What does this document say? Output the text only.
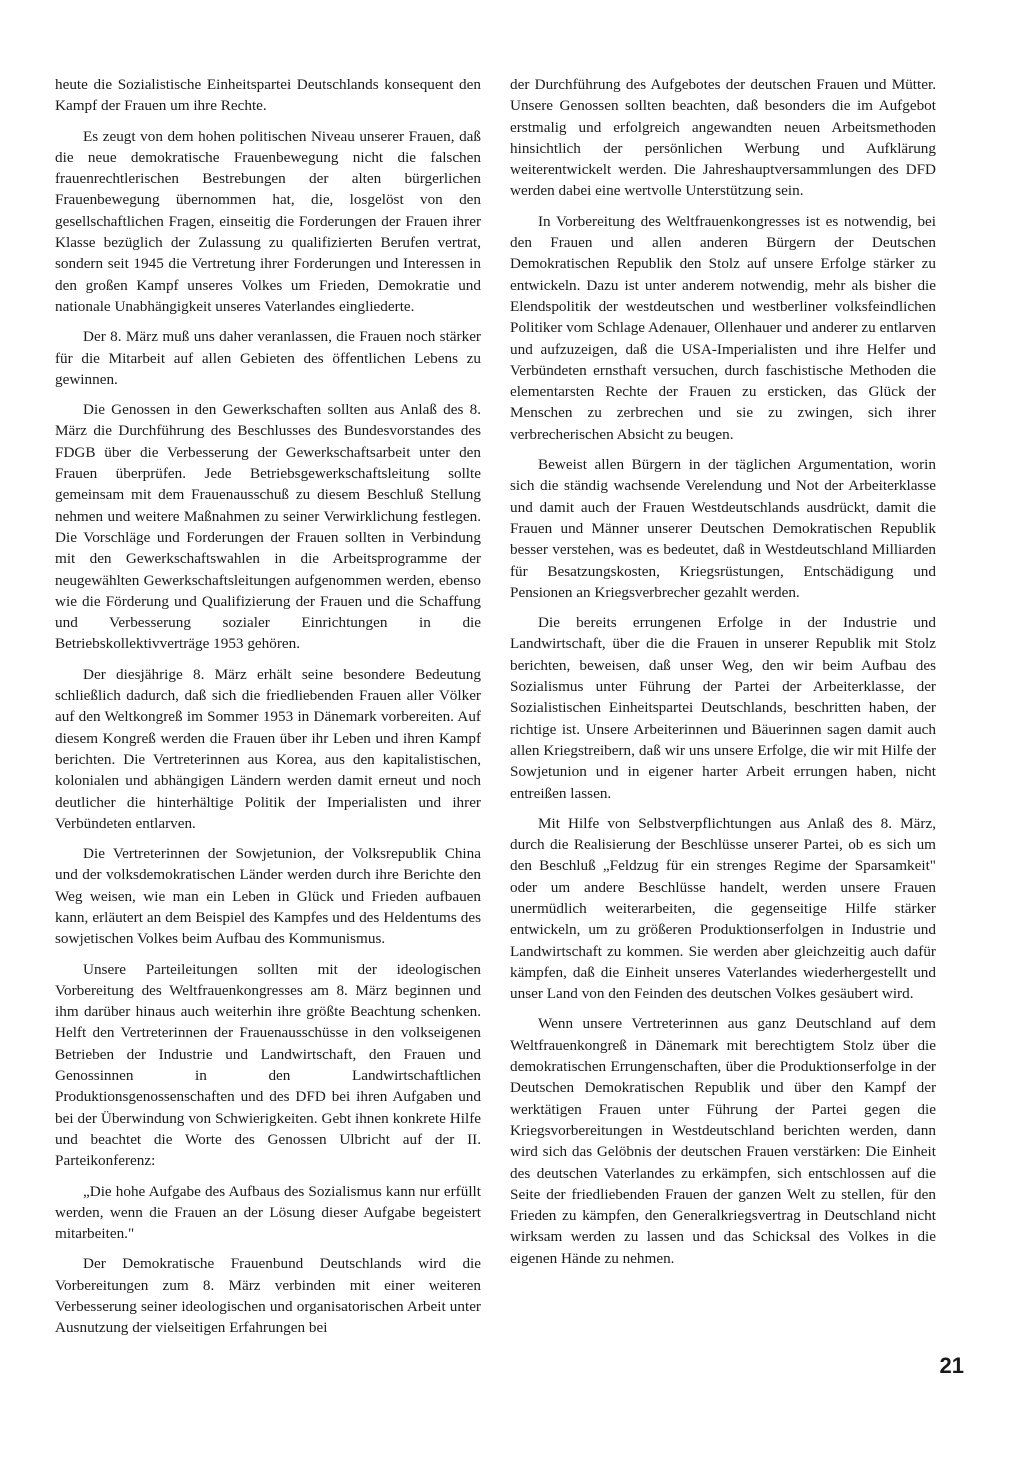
heute die Sozialistische Einheitspartei Deutschlands konsequent den Kampf der Frauen um ihre Rechte.

Es zeugt von dem hohen politischen Niveau unserer Frauen, daß die neue demokratische Frauenbewegung nicht die falschen frauenrechtlerischen Bestrebungen der alten bürgerlichen Frauenbewegung übernommen hat, die, losgelöst von den gesellschaftlichen Fragen, einseitig die Forderungen der Frauen ihrer Klasse bezüglich der Zulassung zu qualifizierten Berufen vertrat, sondern seit 1945 die Vertretung ihrer Forderungen und Interessen in den großen Kampf unseres Volkes um Frieden, Demokratie und nationale Unabhängigkeit unseres Vaterlandes eingliederte.

Der 8. März muß uns daher veranlassen, die Frauen noch stärker für die Mitarbeit auf allen Gebieten des öffentlichen Lebens zu gewinnen.

Die Genossen in den Gewerkschaften sollten aus Anlaß des 8. März die Durchführung des Beschlusses des Bundesvorstandes des FDGB über die Verbesserung der Gewerkschaftsarbeit unter den Frauen überprüfen. Jede Betriebsgewerkschaftsleitung sollte gemeinsam mit dem Frauenausschuß zu diesem Beschluß Stellung nehmen und weitere Maßnahmen zu seiner Verwirklichung festlegen. Die Vorschläge und Forderungen der Frauen sollten in Verbindung mit den Gewerkschaftswahlen in die Arbeitsprogramme der neugewählten Gewerkschaftsleitungen aufgenommen werden, ebenso wie die Förderung und Qualifizierung der Frauen und die Schaffung und Verbesserung sozialer Einrichtungen in die Betriebskollektivverträge 1953 gehören.

Der diesjährige 8. März erhält seine besondere Bedeutung schließlich dadurch, daß sich die friedliebenden Frauen aller Völker auf den Weltkongreß im Sommer 1953 in Dänemark vorbereiten. Auf diesem Kongreß werden die Frauen über ihr Leben und ihren Kampf berichten. Die Vertreterinnen aus Korea, aus den kapitalistischen, kolonialen und abhängigen Ländern werden damit erneut und noch deutlicher die hinterhältige Politik der Imperialisten und ihrer Verbündeten entlarven.

Die Vertreterinnen der Sowjetunion, der Volksrepublik China und der volksdemokratischen Länder werden durch ihre Berichte den Weg weisen, wie man ein Leben in Glück und Frieden aufbauen kann, erläutert an dem Beispiel des Kampfes und des Heldentums des sowjetischen Volkes beim Aufbau des Kommunismus.

Unsere Parteileitungen sollten mit der ideologischen Vorbereitung des Weltfrauenkongresses am 8. März beginnen und ihm darüber hinaus auch weiterhin ihre größte Beachtung schenken. Helft den Vertreterinnen der Frauenausschüsse in den volkseigenen Betrieben der Industrie und Landwirtschaft, den Frauen und Genossinnen in den Landwirtschaftlichen Produktionsgenossenschaften und des DFD bei ihren Aufgaben und bei der Überwindung von Schwierigkeiten. Gebt ihnen konkrete Hilfe und beachtet die Worte des Genossen Ulbricht auf der II. Parteikonferenz:

„Die hohe Aufgabe des Aufbaus des Sozialismus kann nur erfüllt werden, wenn die Frauen an der Lösung dieser Aufgabe begeistert mitarbeiten."

Der Demokratische Frauenbund Deutschlands wird die Vorbereitungen zum 8. März verbinden mit einer weiteren Verbesserung seiner ideologischen und organisatorischen Arbeit unter Ausnutzung der vielseitigen Erfahrungen bei

der Durchführung des Aufgebotes der deutschen Frauen und Mütter. Unsere Genossen sollten beachten, daß besonders die im Aufgebot erstmalig und erfolgreich angewandten neuen Arbeitsmethoden hinsichtlich der persönlichen Werbung und Aufklärung weiterentwickelt werden. Die Jahreshauptversammlungen des DFD werden dabei eine wertvolle Unterstützung sein.

In Vorbereitung des Weltfrauenkongresses ist es notwendig, bei den Frauen und allen anderen Bürgern der Deutschen Demokratischen Republik den Stolz auf unsere Erfolge stärker zu entwickeln. Dazu ist unter anderem notwendig, mehr als bisher die Elendspolitik der westdeutschen und westberliner volksfeindlichen Politiker vom Schlage Adenauer, Ollenhauer und anderer zu entlarven und aufzuzeigen, daß die USA-Imperialisten und ihre Helfer und Verbündeten ernsthaft versuchen, durch faschistische Methoden die elementarsten Rechte der Frauen zu ersticken, das Glück der Menschen zu zerbrechen und sie zu zwingen, sich ihrer verbrecherischen Absicht zu beugen.

Beweist allen Bürgern in der täglichen Argumentation, worin sich die ständig wachsende Verelendung und Not der Arbeiterklasse und damit auch der Frauen Westdeutschlands ausdrückt, damit die Frauen und Männer unserer Deutschen Demokratischen Republik besser verstehen, was es bedeutet, daß in Westdeutschland Milliarden für Besatzungskosten, Kriegsrüstungen, Entschädigung und Pensionen an Kriegsverbrecher gezahlt werden.

Die bereits errungenen Erfolge in der Industrie und Landwirtschaft, über die die Frauen in unserer Republik mit Stolz berichten, beweisen, daß unser Weg, den wir beim Aufbau des Sozialismus unter Führung der Partei der Arbeiterklasse, der Sozialistischen Einheitspartei Deutschlands, beschritten haben, der richtige ist. Unsere Arbeiterinnen und Bäuerinnen sagen damit auch allen Kriegstreibern, daß wir uns unsere Erfolge, die wir mit Hilfe der Sowjetunion und in eigener harter Arbeit errungen haben, nicht entreißen lassen.

Mit Hilfe von Selbstverpflichtungen aus Anlaß des 8. März, durch die Realisierung der Beschlüsse unserer Partei, ob es sich um den Beschluß „Feldzug für ein strenges Regime der Sparsamkeit" oder um andere Beschlüsse handelt, werden unsere Frauen unermüdlich weiterarbeiten, die gegenseitige Hilfe stärker entwickeln, um zu größeren Produktionserfolgen in Industrie und Landwirtschaft zu kommen. Sie werden aber gleichzeitig auch dafür kämpfen, daß die Einheit unseres Vaterlandes wiederhergestellt und unser Land von den Feinden des deutschen Volkes gesäubert wird.

Wenn unsere Vertreterinnen aus ganz Deutschland auf dem Weltfrauenkongreß in Dänemark mit berechtigtem Stolz über die demokratischen Errungenschaften, über die Produktionserfolge in der Deutschen Demokratischen Republik und über den Kampf der werktätigen Frauen unter Führung der Partei gegen die Kriegsvorbereitungen in Westdeutschland berichten werden, dann wird sich das Gelöbnis der deutschen Frauen verstärken: Die Einheit des deutschen Vaterlandes zu erkämpfen, sich entschlossen auf die Seite der friedliebenden Frauen der ganzen Welt zu stellen, für den Frieden zu kämpfen, den Generalkriegsvertrag in Deutschland nicht wirksam werden zu lassen und das Schicksal des Volkes in die eigenen Hände zu nehmen.

21
